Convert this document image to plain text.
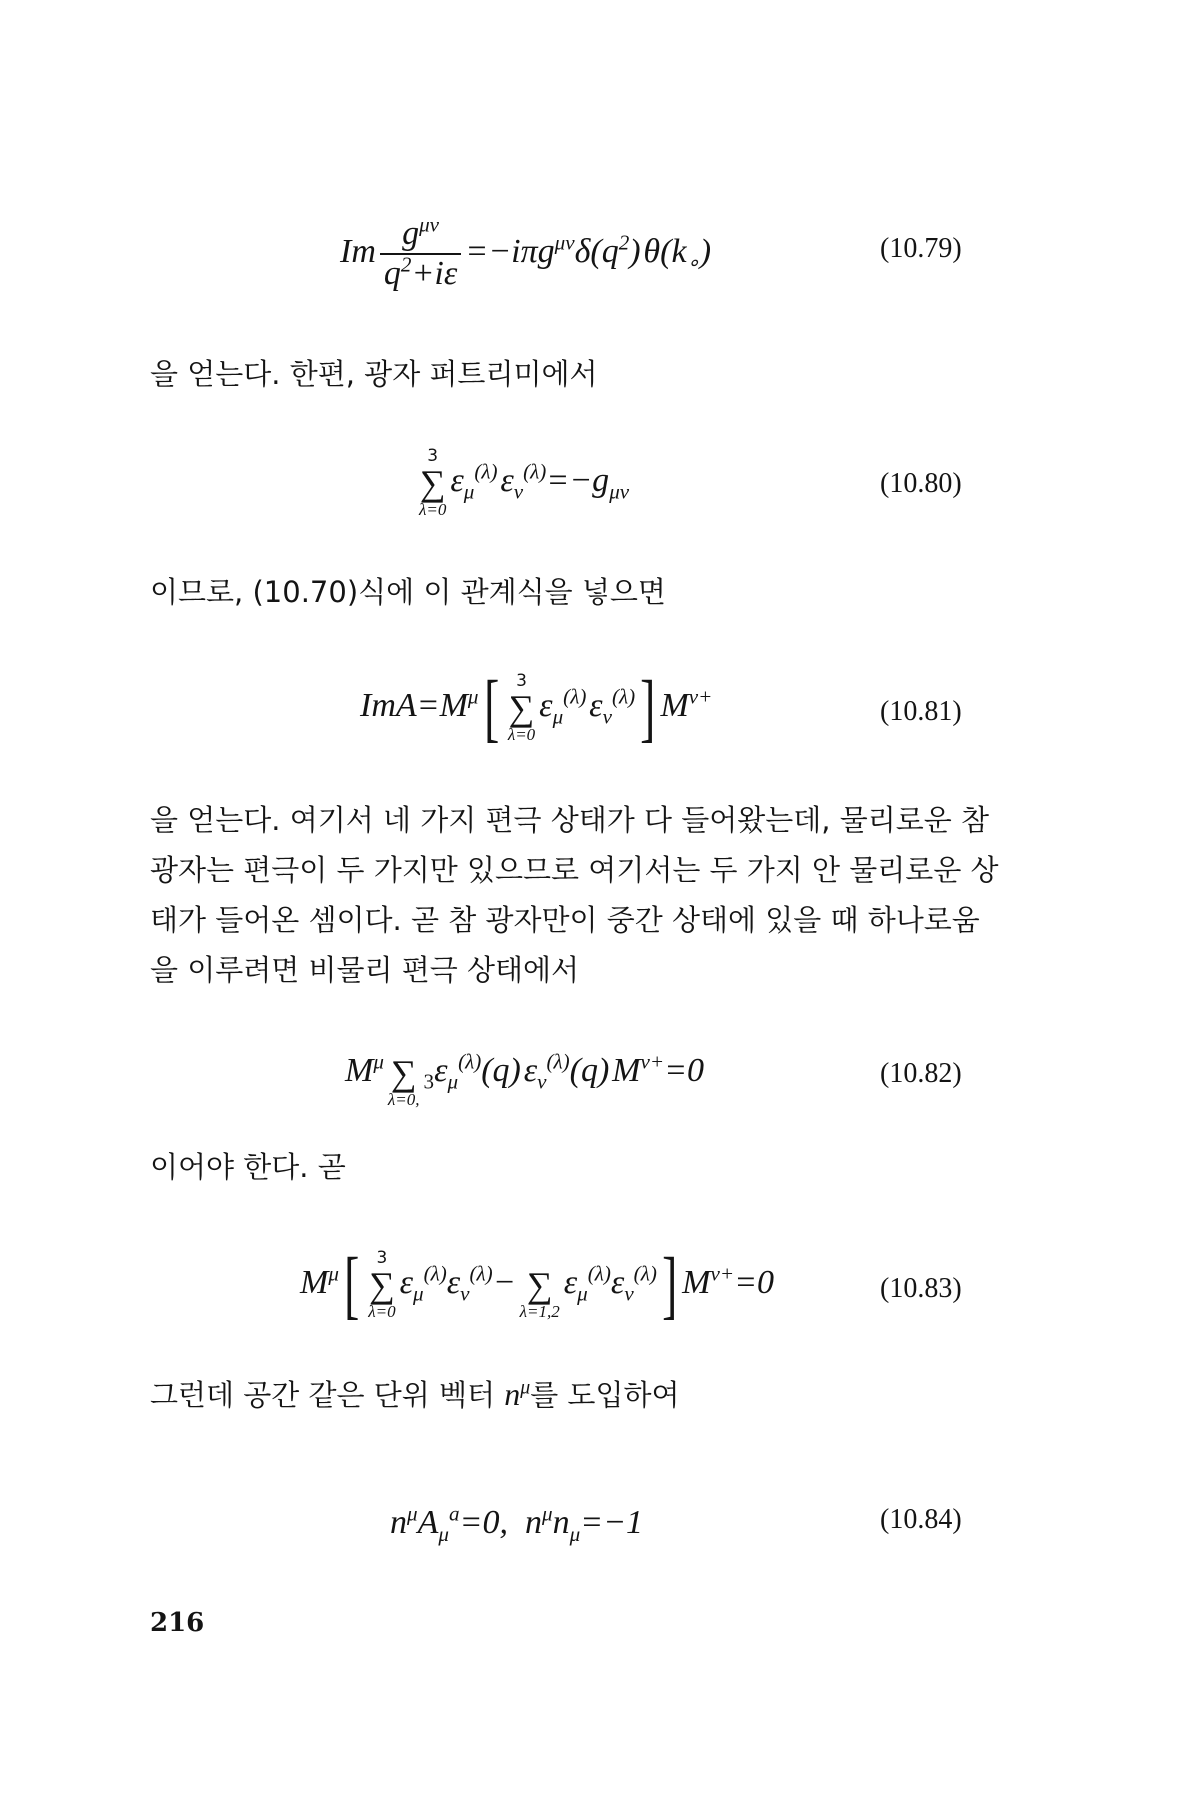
Im $\frac{g^{\mu\nu}}{q^2+i\varepsilon} =-i\pi g^{\mu\nu}\delta(q^2)$ $\theta(k_\circ)$	(10.79)
을 얻는다. 한편, 광자 퍼트리미에서
3
∑
λ=0
$\varepsilon_\mu^{(\lambda)}$ $\varepsilon_\nu^{(\lambda)}=-g_{\mu\nu}$	(10.80)
이므로, (10.70)식에 이 관계식을 넣으면
$ImA=M^\mu$[	3
∑
λ=0
$\varepsilon_\mu^{(\lambda)}$ $\varepsilon_\nu^{(\lambda)}$] $M^{\nu+}$	(10.81)
을 얻는다. 여기서 네 가지 편극 상태가 다 들어왔는데, 물리로운 참
광자는 편극이 두 가지만 있으므로 여기서는 두 가지 안 물리로운 상
태가 들어온 셈이다. 곧 참 광자만이 중간 상태에 있을 때 하나로움
을 이루려면 비물리 편극 상태에서
$M^\mu$
∑
λ=0,
$_3\varepsilon_\mu^{(\lambda)}(q)$ $\varepsilon_\nu^{(\lambda)}(q)$ $M^{\nu+}=0$	(10.82)
이어야 한다. 곧
$M^\mu$[	3
∑
λ=0
$\varepsilon_\mu^{(\lambda)}\varepsilon_\nu^{(\lambda)}-$
∑
λ=1,2
$\varepsilon_\mu^{(\lambda)}\varepsilon_\nu^{(\lambda)}$] $M^{\nu+}=0$	(10.83)
그런데 공간 같은 단위 벡터 $n^\mu$를 도입하여
$n^\mu A_\mu^a=0$,  $n^\mu n_\mu=-1$	(10.84)
216
